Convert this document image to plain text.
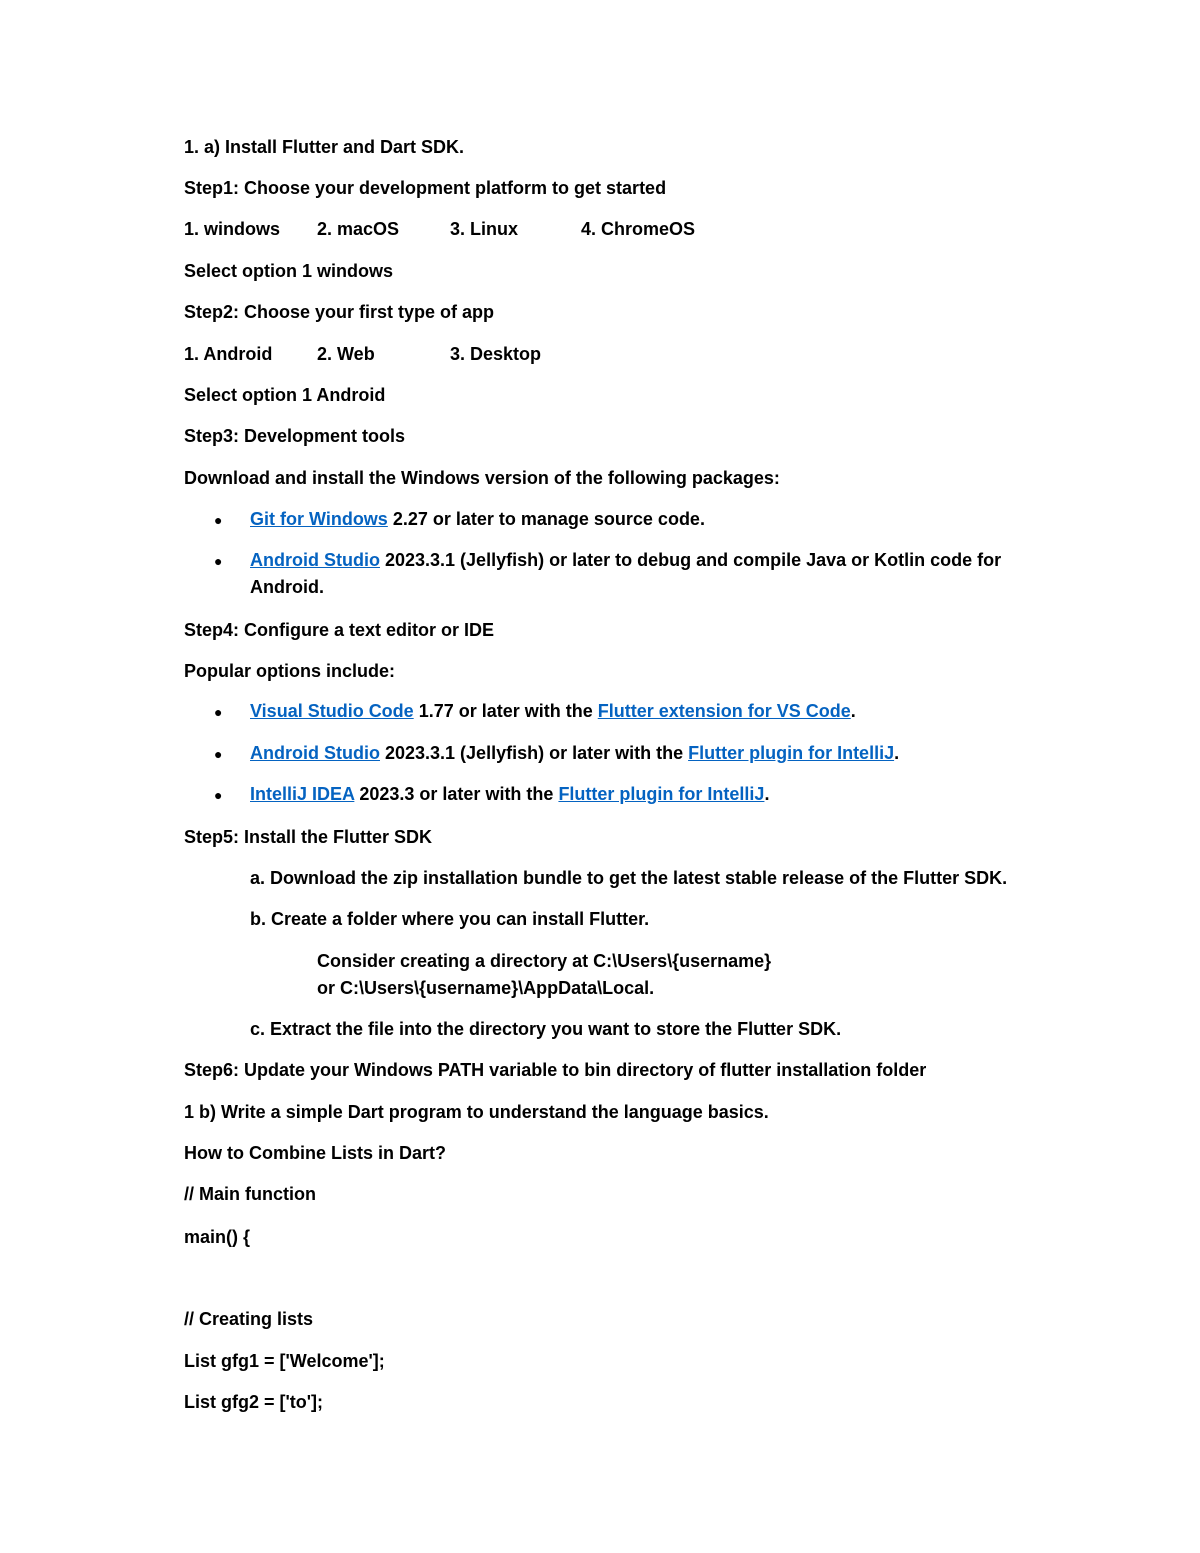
1. a) Install Flutter and Dart SDK.
Step1: Choose your development platform to get started
1. windows 2. macOS	3. Linux	4. ChromeOS
Select option 1 windows
Step2: Choose your first type of app
1. Android 2. Web	3. Desktop
Select option 1 Android
Step3: Development tools
Download and install the Windows version of the following packages:
● Git for Windows 2.27 or later to manage source code.
● Android Studio 2023.3.1 (Jellyfish) or later to debug and compile Java or Kotlin code for
Android.
Step4: Configure a text editor or IDE
Popular options include:
● Visual Studio Code 1.77 or later with the Flutter extension for VS Code.
● Android Studio 2023.3.1 (Jellyfish) or later with the Flutter plugin for IntelliJ.
● IntelliJ IDEA 2023.3 or later with the Flutter plugin for IntelliJ.
Step5: Install the Flutter SDK
a. Download the zip installation bundle to get the latest stable release of the Flutter SDK.
b. Create a folder where you can install Flutter.
Consider creating a directory at C:\Users\{username}
or C:\Users\{username}\AppData\Local.
c. Extract the file into the directory you want to store the Flutter SDK.
Step6: Update your Windows PATH variable to bin directory of flutter installation folder
1 b) Write a simple Dart program to understand the language basics.
How to Combine Lists in Dart?
// Main function
main() {
// Creating lists
List gfg1 = ['Welcome'];
List gfg2 = ['to'];
